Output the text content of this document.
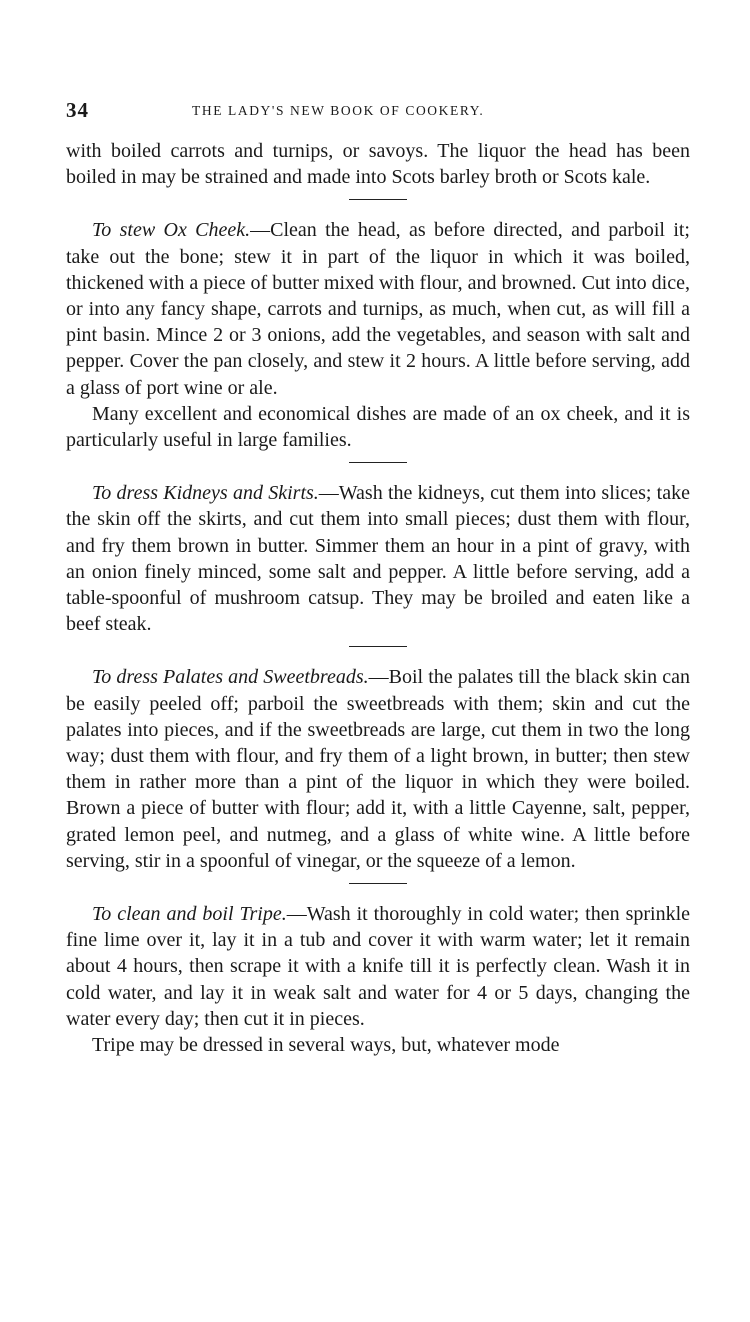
34	THE LADY'S NEW BOOK OF COOKERY.

with boiled carrots and turnips, or savoys. The liquor the head has been boiled in may be strained and made into Scots barley broth or Scots kale.

To stew Ox Cheek.—Clean the head, as before directed, and parboil it; take out the bone; stew it in part of the liquor in which it was boiled, thickened with a piece of butter mixed with flour, and browned. Cut into dice, or into any fancy shape, carrots and turnips, as much, when cut, as will fill a pint basin. Mince 2 or 3 onions, add the vegetables, and season with salt and pepper. Cover the pan closely, and stew it 2 hours. A little before serving, add a glass of port wine or ale.

Many excellent and economical dishes are made of an ox cheek, and it is particularly useful in large families.

To dress Kidneys and Skirts.—Wash the kidneys, cut them into slices; take the skin off the skirts, and cut them into small pieces; dust them with flour, and fry them brown in butter. Simmer them an hour in a pint of gravy, with an onion finely minced, some salt and pepper. A little before serving, add a table-spoonful of mushroom catsup. They may be broiled and eaten like a beef steak.

To dress Palates and Sweetbreads.—Boil the palates till the black skin can be easily peeled off; parboil the sweetbreads with them; skin and cut the palates into pieces, and if the sweetbreads are large, cut them in two the long way; dust them with flour, and fry them of a light brown, in butter; then stew them in rather more than a pint of the liquor in which they were boiled. Brown a piece of butter with flour; add it, with a little Cayenne, salt, pepper, grated lemon peel, and nutmeg, and a glass of white wine. A little before serving, stir in a spoonful of vinegar, or the squeeze of a lemon.

To clean and boil Tripe.—Wash it thoroughly in cold water; then sprinkle fine lime over it, lay it in a tub and cover it with warm water; let it remain about 4 hours, then scrape it with a knife till it is perfectly clean. Wash it in cold water, and lay it in weak salt and water for 4 or 5 days, changing the water every day; then cut it in pieces.

Tripe may be dressed in several ways, but, whatever mode
